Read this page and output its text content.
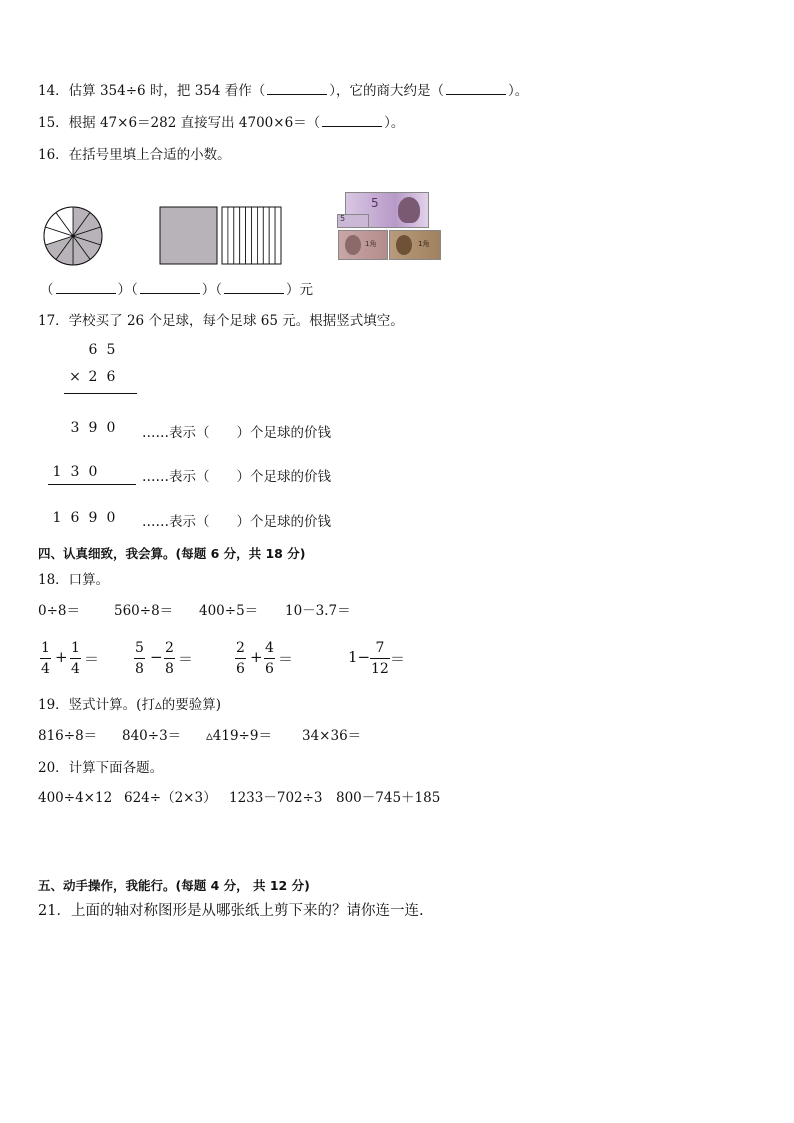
14．估算 354÷6 时，把 354 看作（	），它的商大约是（	）。
15．根据 47×6＝282 直接写出 4700×6＝（	）。
16．在括号里填上合适的小数。
5
5
1角	1角
（	）（	）（	）元
17．学校买了 26 个足球，每个足球 65 元。根据竖式填空。
6 5
× 2 6
3 9 0	……表示（　　）个足球的价钱
1 3 0	……表示（　　）个足球的价钱
1 6 9 0	……表示（　　）个足球的价钱
四、认真细致，我会算。(每题 6 分，共 18 分)
18．口算。
0÷8＝	560÷8＝ 400÷5＝ 10－3.7＝
1
4
+ 1
4
＝
5
8
− 2
8
＝
2
6
+ 4
6
＝	1− 7
12
＝
19．竖式计算。(打▵的要验算)
816÷8＝ 840÷3＝ ▵419÷9＝ 34×36＝
20．计算下面各题。
400÷4×12 624÷（2×3） 1233－702÷3 800－745＋185
五、动手操作，我能行。(每题 4 分， 共 12 分)
21．上面的轴对称图形是从哪张纸上剪下来的？请你连一连.
